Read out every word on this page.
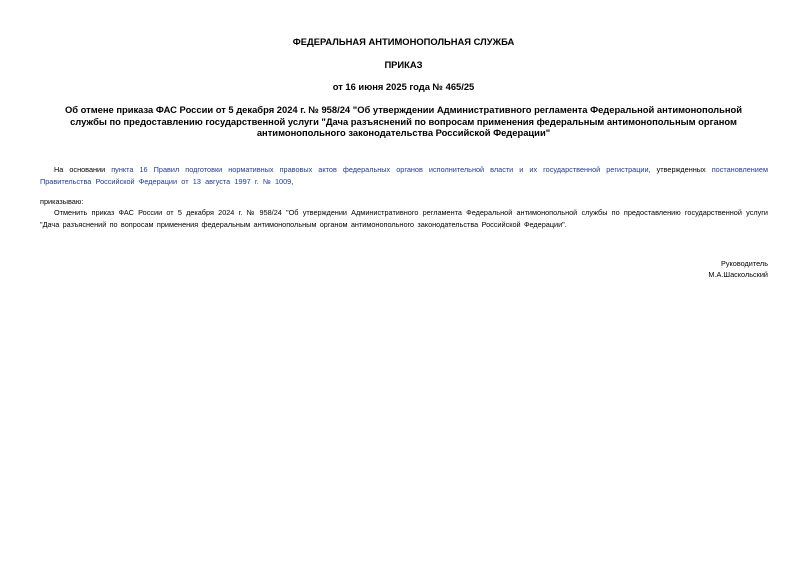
ФЕДЕРАЛЬНАЯ АНТИМОНОПОЛЬНАЯ СЛУЖБА
ПРИКАЗ
от 16 июня 2025 года № 465/25
Об отмене приказа ФАС России от 5 декабря 2024 г. № 958/24 "Об утверждении Административного регламента Федеральной антимонопольной службы по предоставлению государственной услуги "Дача разъяснений по вопросам применения федеральным антимонопольным органом антимонопольного законодательства Российской Федерации"
На основании пункта 16 Правил подготовки нормативных правовых актов федеральных органов исполнительной власти и их государственной регистрации, утвержденных постановлением Правительства Российской Федерации от 13 августа 1997 г. № 1009,
приказываю:
Отменить приказ ФАС России от 5 декабря 2024 г. № 958/24 "Об утверждении Административного регламента Федеральной антимонопольной службы по предоставлению государственной услуги "Дача разъяснений по вопросам применения федеральным антимонопольным органом антимонопольного законодательства Российской Федерации".
Руководитель
М.А.Шаскольский
